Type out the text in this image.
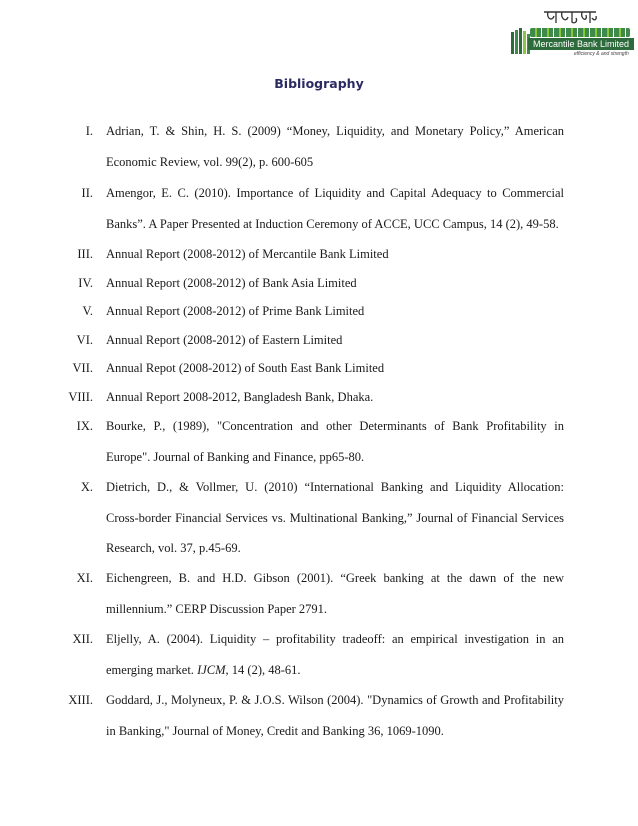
Mercantile Bank Limited
efficiency & and strength
Bibliography
I. Adrian, T. & Shin, H. S. (2009) “Money, Liquidity, and Monetary Policy,” American
Economic Review, vol. 99(2), p. 600-605
II. Amengor, E. C. (2010). Importance of Liquidity and Capital Adequacy to Commercial
Banks”. A Paper Presented at Induction Ceremony of ACCE, UCC Campus, 14 (2), 49-58.
III. Annual Report (2008-2012) of Mercantile Bank Limited
IV. Annual Report (2008-2012) of Bank Asia Limited
V. Annual Report (2008-2012) of Prime Bank Limited
VI. Annual Report (2008-2012) of Eastern Limited
VII. Annual Repot (2008-2012) of South East Bank Limited
VIII. Annual Report 2008-2012, Bangladesh Bank, Dhaka.
IX. Bourke, P., (1989), "Concentration and other Determinants of Bank Profitability in
Europe". Journal of Banking and Finance, pp65-80.
X. Dietrich, D., & Vollmer, U. (2010) “International Banking and Liquidity Allocation:
Cross-border Financial Services vs. Multinational Banking,” Journal of Financial Services
Research, vol. 37, p.45-69.
XI. Eichengreen, B. and H.D. Gibson (2001). “Greek banking at the dawn of the new
millennium.” CERP Discussion Paper 2791.
XII. Eljelly, A. (2004). Liquidity – profitability tradeoff: an empirical investigation in an
emerging market. IJCM, 14 (2), 48-61.
XIII. Goddard, J., Molyneux, P. & J.O.S. Wilson (2004). "Dynamics of Growth and Profitability
in Banking," Journal of Money, Credit and Banking 36, 1069-1090.
